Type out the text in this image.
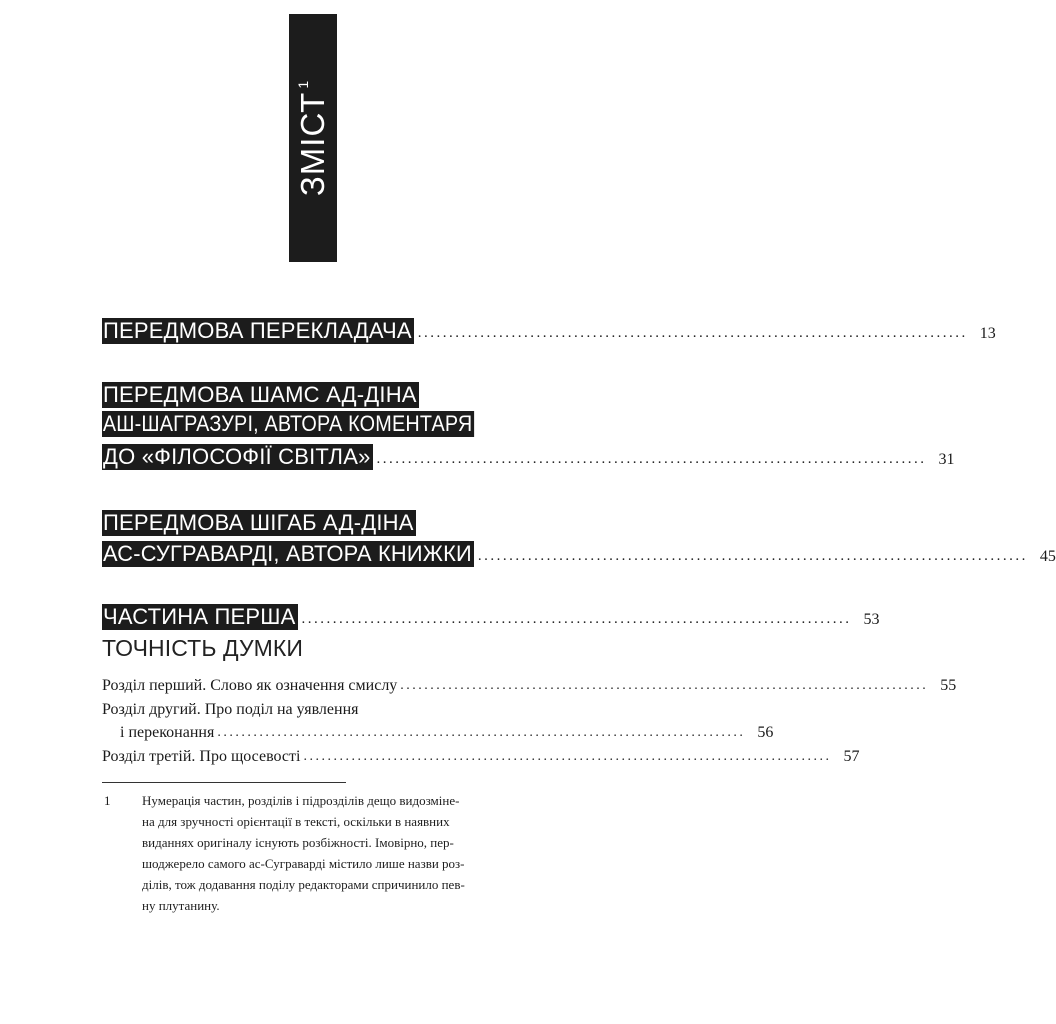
ЗМІСТ$^1$
ПЕРЕДМОВА ПЕРЕКЛАДАЧА ........................................................................................ 13
ПЕРЕДМОВА ШАМС АД-ДІНА
АШ-ШАГРАЗУРІ, АВТОРА КОМЕНТАРЯ
ДО «ФІЛОСОФІЇ СВІТЛА» ........................................................................................ 31
ПЕРЕДМОВА ШІГАБ АД-ДІНА
АС-СУГРАВАРДІ, АВТОРА КНИЖКИ ........................................................................................ 45
ЧАСТИНА ПЕРША ........................................................................................ 53
ТОЧНІСТЬ ДУМКИ
Розділ перший. Слово як означення смислу ........................................................................................ 55
Розділ другий. Про поділ на уявлення
і переконання ........................................................................................ 56
Розділ третій. Про щосевості ........................................................................................ 57
1 Нумерація частин, розділів і підрозділів дещо видозміне-
на для зручності орієнтації в тексті, оскільки в наявних
виданнях оригіналу існують розбіжності. Імовірно, пер-
шоджерело самого ас-Суграварді містило лише назви роз-
ділів, тож додавання поділу редакторами спричинило пев-
ну плутанину.
